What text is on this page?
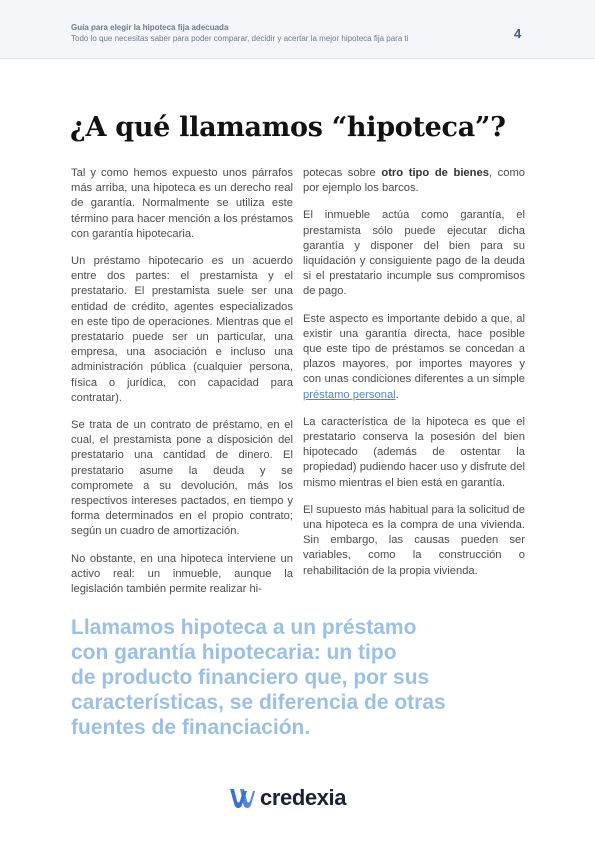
Guía para elegir la hipoteca fija adecuada
Todo lo que necesitas saber para poder comparar, decidir y acertar la mejor hipoteca fija para ti	4
¿A qué llamamos “hipoteca”?

Tal y como hemos expuesto unos párrafos más arriba, una hipoteca es un derecho real de garantía. Normalmente se utiliza este término para hacer mención a los préstamos con garantía hipotecaria.

Un préstamo hipotecario es un acuerdo entre dos partes: el prestamista y el prestatario. El prestamista suele ser una entidad de crédito, agentes especializados en este tipo de operaciones. Mientras que el prestatario puede ser un particular, una empresa, una asociación e incluso una administración pública (cualquier persona, física o jurídica, con capacidad para contratar).

Se trata de un contrato de préstamo, en el cual, el prestamista pone a disposición del prestatario una cantidad de dinero. El prestatario asume la deuda y se compromete a su devolución, más los respectivos intereses pactados, en tiempo y forma determinados en el propio contrato; según un cuadro de amortización.

No obstante, en una hipoteca interviene un activo real: un inmueble, aunque la legislación también permite realizar hi-

potecas sobre otro tipo de bienes, como por ejemplo los barcos.

El inmueble actúa como garantía, el prestamista sólo puede ejecutar dicha garantía y disponer del bien para su liquidación y consiguiente pago de la deuda si el prestatario incumple sus compromisos de pago.

Este aspecto es importante debido a que, al existir una garantía directa, hace posible que este tipo de préstamos se concedan a plazos mayores, por importes mayores y con unas condiciones diferentes a un simple préstamo personal.

La característica de la hipoteca es que el prestatario conserva la posesión del bien hipotecado (además de ostentar la propiedad) pudiendo hacer uso y disfrute del mismo mientras el bien está en garantía.

El supuesto más habitual para la solicitud de una hipoteca es la compra de una vivienda. Sin embargo, las causas pueden ser variables, como la construcción o rehabilitación de la propia vivienda.

Llamamos hipoteca a un préstamo
con garantía hipotecaria: un tipo
de producto financiero que, por sus
características, se diferencia de otras
fuentes de financiación.
credexia
